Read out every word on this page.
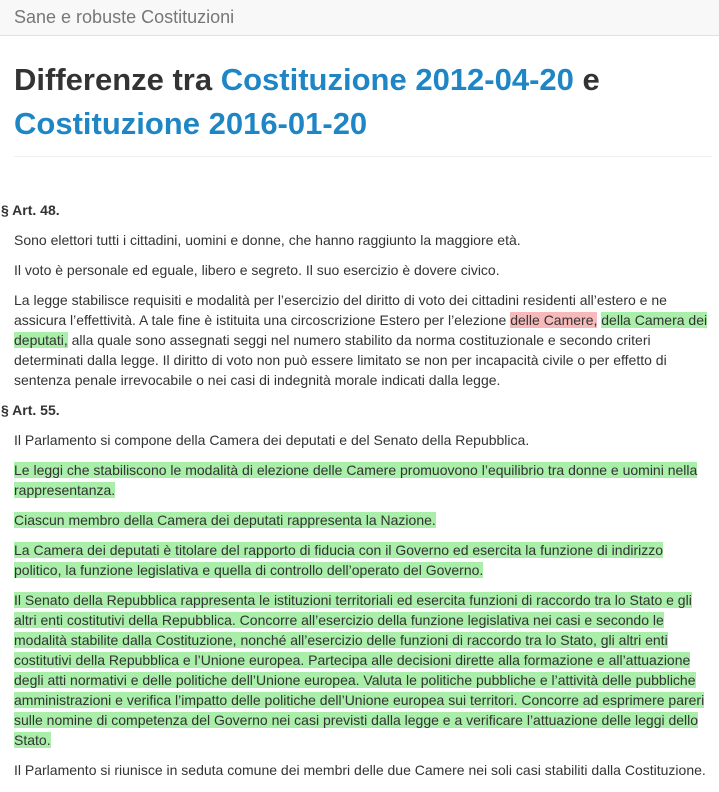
Sane e robuste Costituzioni
Differenze tra Costituzione 2012-04-20 e Costituzione 2016-01-20

§ Art. 48.

Sono elettori tutti i cittadini, uomini e donne, che hanno raggiunto la maggiore età.

Il voto è personale ed eguale, libero e segreto. Il suo esercizio è dovere civico.

La legge stabilisce requisiti e modalità per l’esercizio del diritto di voto dei cittadini residenti all’estero e ne assicura l’effettività. A tale fine è istituita una circoscrizione Estero per l’elezione delle Camere, della Camera dei deputati, alla quale sono assegnati seggi nel numero stabilito da norma costituzionale e secondo criteri determinati dalla legge. Il diritto di voto non può essere limitato se non per incapacità civile o per effetto di sentenza penale irrevocabile o nei casi di indegnità morale indicati dalla legge.

§ Art. 55.

Il Parlamento si compone della Camera dei deputati e del Senato della Repubblica.

Le leggi che stabiliscono le modalità di elezione delle Camere promuovono l’equilibrio tra donne e uomini nella rappresentanza.

Ciascun membro della Camera dei deputati rappresenta la Nazione.

La Camera dei deputati è titolare del rapporto di fiducia con il Governo ed esercita la funzione di indirizzo politico, la funzione legislativa e quella di controllo dell’operato del Governo.

Il Senato della Repubblica rappresenta le istituzioni territoriali ed esercita funzioni di raccordo tra lo Stato e gli altri enti costitutivi della Repubblica. Concorre all’esercizio della funzione legislativa nei casi e secondo le modalità stabilite dalla Costituzione, nonché all’esercizio delle funzioni di raccordo tra lo Stato, gli altri enti costitutivi della Repubblica e l’Unione europea. Partecipa alle decisioni dirette alla formazione e all’attuazione degli atti normativi e delle politiche dell’Unione europea. Valuta le politiche pubbliche e l’attività delle pubbliche amministrazioni e verifica l’impatto delle politiche dell’Unione europea sui territori. Concorre ad esprimere pareri sulle nomine di competenza del Governo nei casi previsti dalla legge e a verificare l’attuazione delle leggi dello Stato.

Il Parlamento si riunisce in seduta comune dei membri delle due Camere nei soli casi stabiliti dalla Costituzione.
